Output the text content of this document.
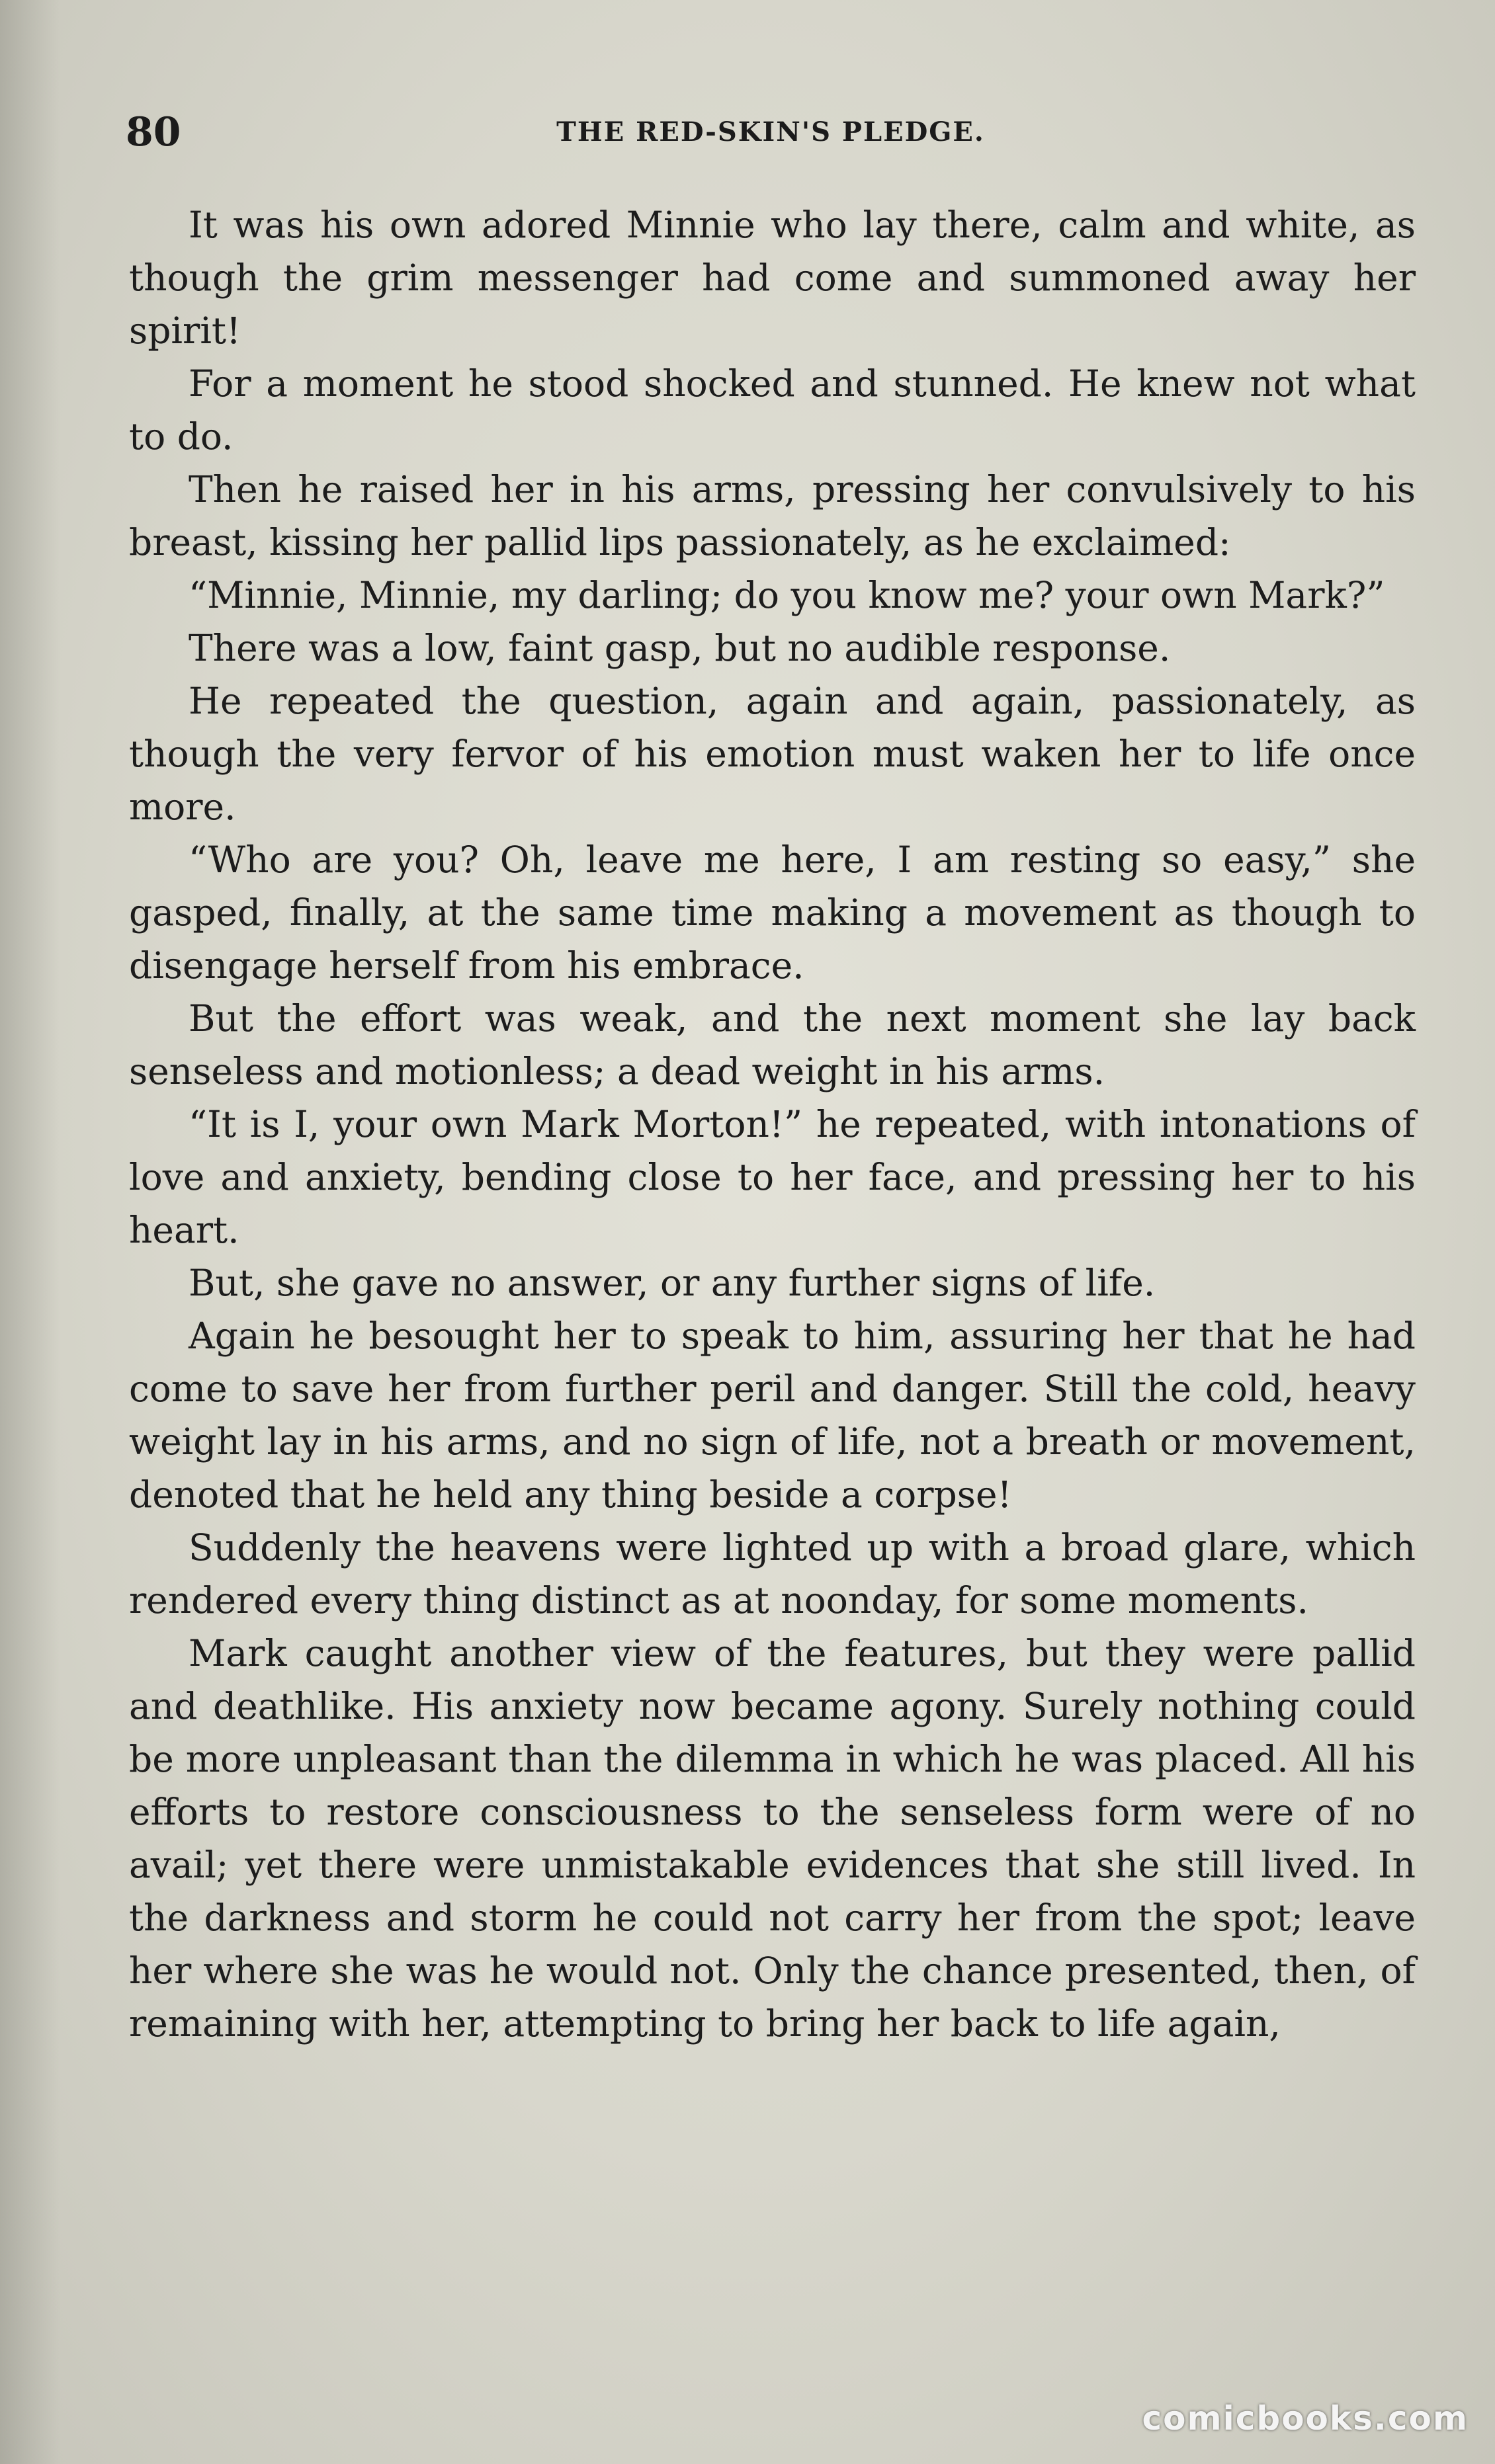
80	THE RED-SKIN'S PLEDGE.

It was his own adored Minnie who lay there, calm and white, as though the grim messenger had come and summoned away her spirit!

For a moment he stood shocked and stunned. He knew not what to do.

Then he raised her in his arms, pressing her convulsively to his breast, kissing her pallid lips passionately, as he exclaimed:

“Minnie, Minnie, my darling; do you know me? your own Mark?”

There was a low, faint gasp, but no audible response.

He repeated the question, again and again, passionately, as though the very fervor of his emotion must waken her to life once more.

“Who are you? Oh, leave me here, I am resting so easy,” she gasped, finally, at the same time making a movement as though to disengage herself from his embrace.

But the effort was weak, and the next moment she lay back senseless and motionless; a dead weight in his arms.

“It is I, your own Mark Morton!” he repeated, with intonations of love and anxiety, bending close to her face, and pressing her to his heart.

But, she gave no answer, or any further signs of life.

Again he besought her to speak to him, assuring her that he had come to save her from further peril and danger. Still the cold, heavy weight lay in his arms, and no sign of life, not a breath or movement, denoted that he held any thing beside a corpse!

Suddenly the heavens were lighted up with a broad glare, which rendered every thing distinct as at noonday, for some moments.

Mark caught another view of the features, but they were pallid and deathlike. His anxiety now became agony. Surely nothing could be more unpleasant than the dilemma in which he was placed. All his efforts to restore consciousness to the senseless form were of no avail; yet there were unmistakable evidences that she still lived. In the darkness and storm he could not carry her from the spot; leave her where she was he would not. Only the chance presented, then, of remaining with her, attempting to bring her back to life again,

comicbooks.com
